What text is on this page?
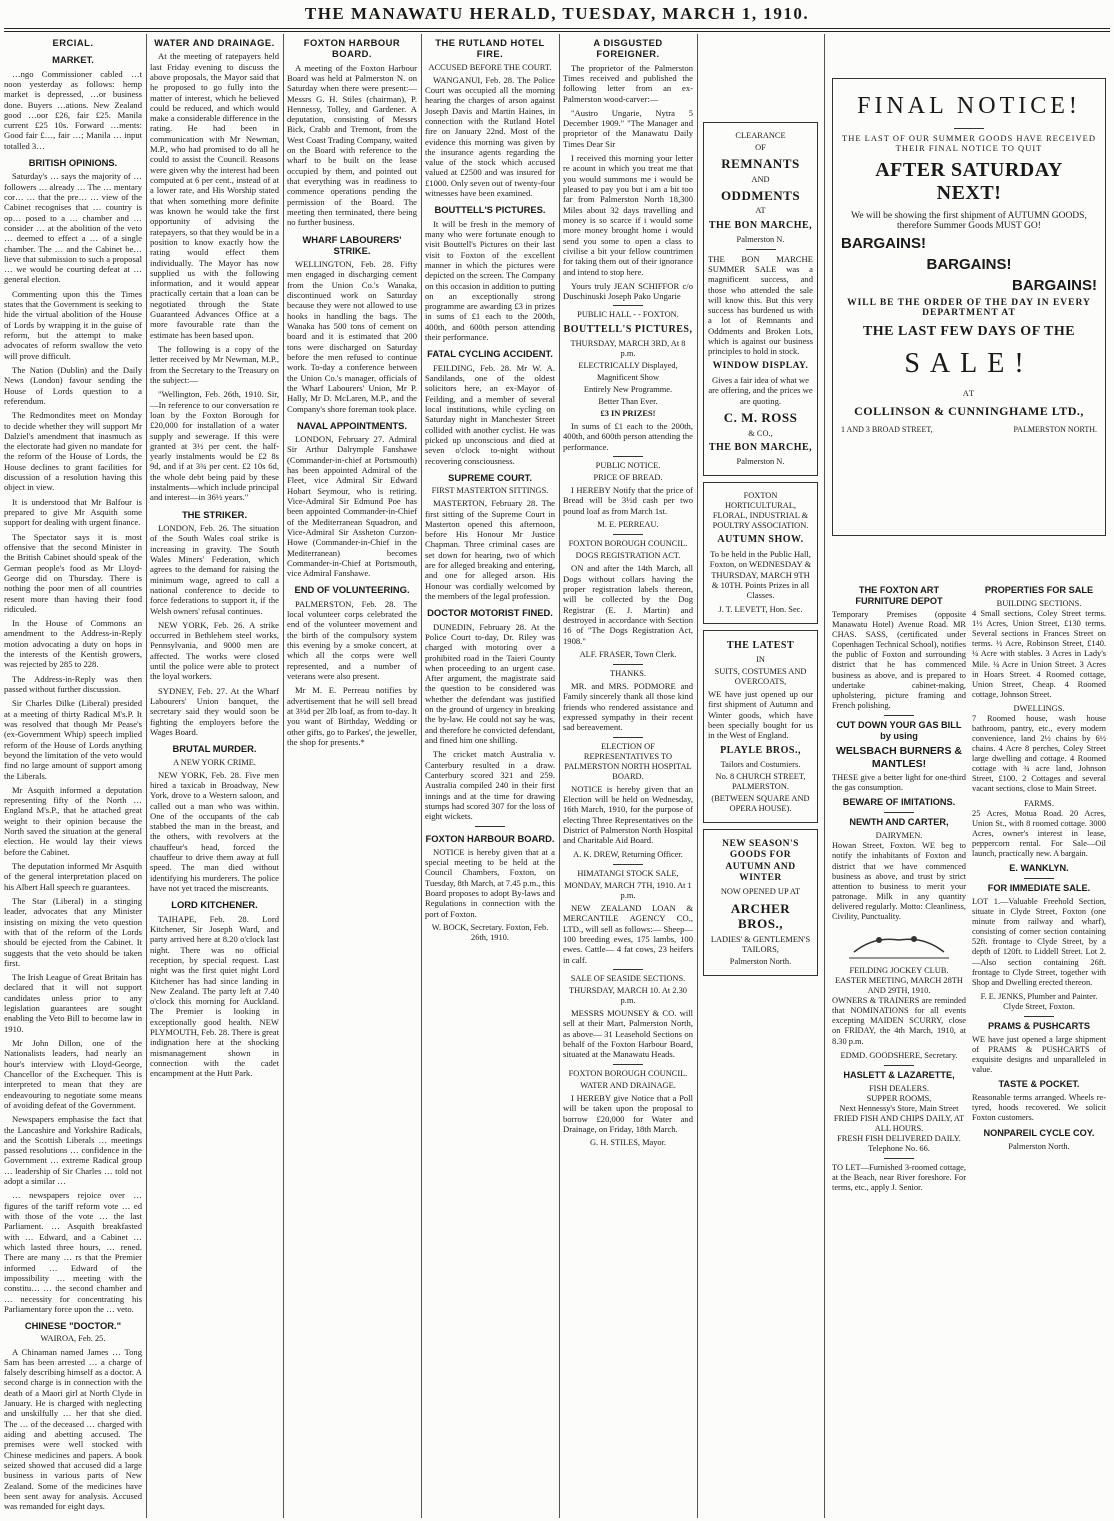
THE MANAWATU HERALD, TUESDAY, MARCH 1, 1910.
ERCIAL.
MARKET.

…ngo Commissioner cabled …t noon yesterday as follows: hemp market is depressed, …or business done. Buyers …ations. New Zealand good …oor £26, fair £25. Manila current £25 10s. Forward …ments: Good fair £…, fair …; Manila … input totalled 3…

BRITISH OPINIONS.

Saturday's … says the majority of … followers … already … The … mentary cor… … that the pre… … view of the Cabinet recognises that … country is op… posed to a … chamber and … consider … at the abolition of the veto … deemed to effect a … of a single chamber. The … and the Cabinet be… lieve that submission to such a proposal … we would be courting defeat at … general election.

Commenting upon this the Times states that the Government is seeking to hide the virtual abolition of the House of Lords by wrapping it in the guise of reform, but the attempt to make advocates of reform swallow the veto will prove difficult.

The Nation (Dublin) and the Daily News (London) favour sending the House of Lords question to a referendum.

The Redmondites meet on Monday to decide whether they will support Mr Dalziel's amendment that inasmuch as the electorate had given no mandate for the reform of the House of Lords, the House declines to grant facilities for discussion of a resolution having this object in view.

It is understood that Mr Balfour is prepared to give Mr Asquith some support for dealing with urgent finance.

The Spectator says it is most offensive that the second Minister in the British Cabinet should speak of the German people's food as Mr Lloyd-George did on Thursday. There is nothing the poor men of all countries resent more than having their food ridiculed.

In the House of Commons an amendment to the Address-in-Reply motion advocating a duty on hops in the interests of the Kentish growers, was rejected by 285 to 228.

The Address-in-Reply was then passed without further discussion.

Sir Charles Dilke (Liberal) presided at a meeting of thirty Radical M's.P. It was resolved that though Mr Pease's (ex-Government Whip) speech implied reform of the House of Lords anything beyond the limitation of the veto would find no large amount of support among the Liberals.

Mr Asquith informed a deputation representing fifty of the North … England M's.P., that he attached great weight to their opinion because the North saved the situation at the general election. He would lay their views before the Cabinet.

The deputation informed Mr Asquith of the general interpretation placed on his Albert Hall speech re guarantees.

The Star (Liberal) in a stinging leader, advocates that any Minister insisting on mixing the veto question with that of the reform of the Lords should be ejected from the Cabinet. It suggests that the veto should be taken first.

The Irish League of Great Britain has declared that it will not support candidates unless prior to any legislation guarantees are sought enabling the Veto Bill to become law in 1910.

Mr John Dillon, one of the Nationalists leaders, had nearly an hour's interview with Lloyd-George, Chancellor of the Exchequer. This is interpreted to mean that they are endeavouring to negotiate some means of avoiding defeat of the Government.

Newspapers emphasise the fact that the Lancashire and Yorkshire Radicals, and the Scottish Liberals … meetings passed resolutions … confidence in the Government … extreme Radical group … leadership of Sir Charles … told not adopt a similar …

… newspapers rejoice over … figures of the tariff reform vote … ed with those of the vote … the last Parliament. … Asquith breakfasted with … Edward, and a Cabinet … which lasted three hours, … rened. There are many … rs that the Premier informed … Edward of the impossibility … meeting with the constitu… … the second chamber and … necessity for concentrating his Parliamentary force upon the … veto.

CHINESE "DOCTOR."
WAIROA, Feb. 25.

A Chinaman named James … Tong Sam has been arrested … a charge of falsely describing himself as a doctor. A second charge is in connection with the death of a Maori girl at North Clyde in January. He is charged with neglecting and unskilfully … her that she died. The … of the deceased … charged with aiding and abetting accused. The premises were well stocked with Chinese medicines and papers. A book seized showed that accused did a large business in various parts of New Zealand. Some of the medicines have been sent away for analysis. Accused was remanded for eight days.

WATER AND DRAINAGE.

At the meeting of ratepayers held last Friday evening to discuss the above proposals, the Mayor said that he proposed to go fully into the matter of interest, which he believed could be reduced, and which would make a considerable difference in the rating. He had been in communication with Mr Newman, M.P., who had promised to do all he could to assist the Council. Reasons were given why the interest had been computed at 6 per cent., instead of at a lower rate, and His Worship stated that when something more definite was known he would take the first opportunity of advising the ratepayers, so that they would be in a position to know exactly how the rating would effect them individually. The Mayor has now supplied us with the following information, and it would appear practically certain that a loan can be negotiated through the State Guaranteed Advances Office at a more favourable rate than the estimate has been based upon.

The following is a copy of the letter received by Mr Newman, M.P., from the Secretary to the Treasury on the subject:—

"Wellington, Feb. 26th, 1910. Sir,—In reference to our conversation re loan by the Foxton Borough for £20,000 for installation of a water supply and sewerage. If this were granted at 3½ per cent. the half-yearly instalments would be £2 8s 9d, and if at 3¾ per cent. £2 10s 6d, the whole debt being paid by these instalments—which include principal and interest—in 36½ years."

THE STRIKER.

LONDON, Feb. 26. The situation of the South Wales coal strike is increasing in gravity. The South Wales Miners' Federation, which agrees to the demand for raising the minimum wage, agreed to call a national conference to decide to force federations to support it, if the Welsh owners' refusal continues.

NEW YORK, Feb. 26. A strike occurred in Bethlehem steel works, Pennsylvania, and 9000 men are affected. The works were closed until the police were able to protect the loyal workers.

SYDNEY, Feb. 27. At the Wharf Labourers' Union banquet, the secretary said they would soon be fighting the employers before the Wages Board.

BRUTAL MURDER.
A NEW YORK CRIME.

NEW YORK, Feb. 28. Five men hired a taxicab in Broadway, New York, drove to a Western saloon, and called out a man who was within. One of the occupants of the cab stabbed the man in the breast, and the others, with revolvers at the chauffeur's head, forced the chauffeur to drive them away at full speed. The man died without identifying his murderers. The police have not yet traced the miscreants.

LORD KITCHENER.

TAIHAPE, Feb. 28. Lord Kitchener, Sir Joseph Ward, and party arrived here at 8.20 o'clock last night. There was no official reception, by special request. Last night was the first quiet night Lord Kitchener has had since landing in New Zealand. The party left at 7.40 o'clock this morning for Auckland. The Premier is looking in exceptionally good health. NEW PLYMOUTH, Feb. 28. There is great indignation here at the shocking mismanagement shown in connection with the cadet encampment at the Hutt Park.

FOXTON HARBOUR BOARD.

A meeting of the Foxton Harbour Board was held at Palmerston N. on Saturday when there were present:—Messrs G. H. Stiles (chairman), P. Hennessy, Tolley, and Gardener. A deputation, consisting of Messrs Bick, Crabb and Tremont, from the West Coast Trading Company, waited on the Board with reference to the wharf to be built on the lease occupied by them, and pointed out that everything was in readiness to commence operations pending the permission of the Board. The meeting then terminated, there being no further business.

WHARF LABOURERS' STRIKE.

WELLINGTON, Feb. 28. Fifty men engaged in discharging cement from the Union Co.'s Wanaka, discontinued work on Saturday because they were not allowed to use hooks in handling the bags. The Wanaka has 500 tons of cement on board and it is estimated that 200 tons were discharged on Saturday before the men refused to continue work. To-day a conference between the Union Co.'s manager, officials of the Wharf Labourers' Union, Mr P. Hally, Mr D. McLaren, M.P., and the Company's shore foreman took place.

NAVAL APPOINTMENTS.

LONDON, February 27. Admiral Sir Arthur Dalrymple Fanshawe (Commander-in-chief at Portsmouth) has been appointed Admiral of the Fleet, vice Admiral Sir Edward Hobart Seymour, who is retiring. Vice-Admiral Sir Edmund Poe has been appointed Commander-in-Chief of the Mediterranean Squadron, and Vice-Admiral Sir Assheton Curzon-Howe (Commander-in-Chief in the Mediterranean) becomes Commander-in-Chief at Portsmouth, vice Admiral Fanshawe.

END OF VOLUNTEERING.

PALMERSTON, Feb. 28. The local volunteer corps celebrated the end of the volunteer movement and the birth of the compulsory system this evening by a smoke concert, at which all the corps were well represented, and a number of veterans were also present.

Mr M. E. Perreau notifies by advertisement that he will sell bread at 3½d per 2lb loaf, as from to-day. It you want of Birthday, Wedding or other gifts, go to Parkes', the jeweller, the shop for presents.*

THE RUTLAND HOTEL FIRE.
ACCUSED BEFORE THE COURT.

WANGANUI, Feb. 28. The Police Court was occupied all the morning hearing the charges of arson against Joseph Davis and Martin Haines, in connection with the Rutland Hotel fire on January 22nd. Most of the evidence this morning was given by the insurance agents regarding the value of the stock which accused valued at £2500 and was insured for £1000. Only seven out of twenty-four witnesses have been examined.

BOUTTELL'S PICTURES.

It will be fresh in the memory of many who were fortunate enough to visit Bouttell's Pictures on their last visit to Foxton of the excellent manner in which the pictures were depicted on the screen. The Company on this occasion in addition to putting on an exceptionally strong programme are awarding £3 in prizes in sums of £1 each to the 200th, 400th, and 600th person attending their performance.

FATAL CYCLING ACCIDENT.

FEILDING, Feb. 28. Mr W. A. Sandilands, one of the oldest solicitors here, an ex-Mayor of Feilding, and a member of several local institutions, while cycling on Saturday night in Manchester Street collided with another cyclist. He was picked up unconscious and died at seven o'clock to-night without recovering consciousness.

SUPREME COURT.
FIRST MASTERTON SITTINGS.

MASTERTON, February 28. The first sitting of the Supreme Court in Masterton opened this afternoon, before His Honour Mr Justice Chapman. Three criminal cases are set down for hearing, two of which are for alleged breaking and entering, and one for alleged arson. His Honour was cordially welcomed by the members of the legal profession.

DOCTOR MOTORIST FINED.

DUNEDIN, February 28. At the Police Court to-day, Dr. Riley was charged with motoring over a prohibited road in the Taieri County when proceeding to an urgent case. After argument, the magistrate said the question to be considered was whether the defendant was justified on the ground of urgency in breaking the by-law. He could not say he was, and therefore he convicted defendant, and fined him one shilling.

The cricket match Australia v. Canterbury resulted in a draw. Canterbury scored 321 and 259. Australia compiled 240 in their first innings and at the time for drawing stumps had scored 307 for the loss of eight wickets.

FOXTON HARBOUR BOARD.

NOTICE is hereby given that at a special meeting to be held at the Council Chambers, Foxton, on Tuesday, 8th March, at 7.45 p.m., this Board proposes to adopt By-laws and Regulations in connection with the port of Foxton.

W. BOCK, Secretary. Foxton, Feb. 26th, 1910.
A DISGUSTED FOREIGNER.

The proprietor of the Palmerston Times received and published the following letter from an ex-Palmerston wood-carver:—

"Austro Ungarie, Nytra 5 December 1909." "The Manager and proprietor of the Manawatu Daily Times Dear Sir

I received this morning your letter re acount in which you treat me that you would summons me i would be pleased to pay you but i am a bit too far from Palmerston North 18,300 Miles about 32 days travelling and money is so scarce if i would some more money brought home i would send you some to open a class to civilise a bit your fellow countrimen for taking them out of their ignorance and intend to stop here.

Yours truly JEAN SCHIFFOR c/o Duschinuski Joseph Pako Ungarie

PUBLIC HALL - - FOXTON.
BOUTTELL'S PICTURES,
THURSDAY, MARCH 3RD, At 8 p.m.
ELECTRICALLY Displayed,
Magnificent Show
Entirely New Programme.
Better Than Ever.
£3 IN PRIZES!

In sums of £1 each to the 200th, 400th, and 600th person attending the performance.

PUBLIC NOTICE.
PRICE OF BREAD.

I HEREBY Notify that the price of Bread will be 3½d cash per two pound loaf as from March 1st.

M. E. PERREAU.
FOXTON BOROUGH COUNCIL.
DOGS REGISTRATION ACT.

ON and after the 14th March, all Dogs without collars having the proper registration labels thereon, will be collected by the Dog Registrar (E. J. Martin) and destroyed in accordance with Section 16 of "The Dogs Registration Act, 1908."

ALF. FRASER, Town Clerk.
THANKS.

MR. and MRS. PODMORE and Family sincerely thank all those kind friends who rendered assistance and expressed sympathy in their recent sad bereavement.

ELECTION OF REPRESENTATIVES TO PALMERSTON NORTH HOSPITAL BOARD.

NOTICE is hereby given that an Election will be held on Wednesday, 16th March, 1910, for the purpose of electing Three Representatives on the District of Palmerston North Hospital and Charitable Aid Board.

A. K. DREW, Returning Officer.
HIMATANGI STOCK SALE,
MONDAY, MARCH 7TH, 1910. At 1 p.m.

NEW ZEALAND LOAN & MERCANTILE AGENCY CO., LTD., will sell as follows:— Sheep— 100 breeding ewes, 175 lambs, 100 ewes. Cattle— 4 fat cows, 23 heifers in calf.

SALE OF SEASIDE SECTIONS.
THURSDAY, MARCH 10. At 2.30 p.m.

MESSRS MOUNSEY & CO. will sell at their Mart, Palmerston North, as above— 31 Leasehold Sections on behalf of the Foxton Harbour Board, situated at the Manawatu Heads.

FOXTON BOROUGH COUNCIL.
WATER AND DRAINAGE.

I HEREBY give Notice that a Poll will be taken upon the proposal to borrow £20,000 for Water and Drainage, on Friday, 18th March.

G. H. STILES, Mayor.
CLEARANCE
OF
REMNANTS
AND
ODDMENTS
AT
THE BON MARCHE,
Palmerston N.

THE BON MARCHE SUMMER SALE was a magnificent success, and those who attended the sale will know this. But this very success has burdened us with a lot of Remnants and Oddments and Broken Lots, which is against our business principles to hold in stock.

WINDOW DISPLAY.

Gives a fair idea of what we are offering, and the prices we are quoting.

C. M. ROSS
& CO.,
THE BON MARCHE,
Palmerston N.
FOXTON HORTICULTURAL, FLORAL, INDUSTRIAL & POULTRY ASSOCIATION.
AUTUMN SHOW.

To be held in the Public Hall, Foxton, on WEDNESDAY & THURSDAY, MARCH 9TH & 10TH. Points Prizes in all Classes.

J. T. LEVETT, Hon. Sec.
THE LATEST
IN
SUITS, COSTUMES AND OVERCOATS,

WE have just opened up our first shipment of Autumn and Winter goods, which have been specially bought for us in the West of England.

PLAYLE BROS.,
Tailors and Costumiers.
No. 8 CHURCH STREET, PALMERSTON.
(BETWEEN SQUARE AND OPERA HOUSE).
NEW SEASON'S GOODS FOR AUTUMN AND WINTER
NOW OPENED UP AT
ARCHER BROS.,
LADIES' & GENTLEMEN'S TAILORS,
Palmerston North.
FINAL NOTICE!
THE LAST OF OUR SUMMER GOODS HAVE RECEIVED THEIR FINAL NOTICE TO QUIT
AFTER SATURDAY NEXT!
We will be showing the first shipment of AUTUMN GOODS, therefore Summer Goods MUST GO!
BARGAINS!
BARGAINS!
BARGAINS!
WILL BE THE ORDER OF THE DAY IN EVERY DEPARTMENT AT
THE LAST FEW DAYS OF THE
SALE!
AT
COLLINSON & CUNNINGHAME LTD.,
1 AND 3 BROAD STREET,	PALMERSTON NORTH.
THE FOXTON ART FURNITURE DEPOT

Temporary Premises (opposite Manawatu Hotel) Avenue Road. MR CHAS. SASS, (certificated under Copenhagen Technical School), notifies the public of Foxton and surrounding district that he has commenced business as above, and is prepared to undertake cabinet-making, upholstering, picture framing and French polishing.

CUT DOWN YOUR GAS BILL by using
WELSBACH BURNERS & MANTLES!

THESE give a better light for one-third the gas consumption.

BEWARE OF IMITATIONS.
NEWTH AND CARTER,
DAIRYMEN.

Howan Street, Foxton. WE beg to notify the inhabitants of Foxton and district that we have commenced business as above, and trust by strict attention to business to merit your patronage. Milk in any quantity delivered regularly. Motto: Cleanliness, Civility, Punctuality.

FEILDING JOCKEY CLUB.
EASTER MEETING, MARCH 28TH AND 29TH, 1910.

OWNERS & TRAINERS are reminded that NOMINATIONS for all events excepting MAIDEN SCURRY, close on FRIDAY, the 4th March, 1910, at 8.30 p.m.

EDMD. GOODSHERE, Secretary.
HASLETT & LAZARETTE,
FISH DEALERS.
SUPPER ROOMS,
Next Hennessy's Store, Main Street
FRIED FISH AND CHIPS DAILY, AT ALL HOURS.
FRESH FISH DELIVERED DAILY.
Telephone No. 66.

TO LET—Furnished 3-roomed cottage, at the Beach, near River foreshore. For terms, etc., apply J. Senior.

PROPERTIES FOR SALE
BUILDING SECTIONS.

4 Small sections, Coley Street terms. 1½ Acres, Union Street, £130 terms. Several sections in Frances Street on terms. ½ Acre, Robinson Street, £140. ¼ Acre with stables. 3 Acres in Lady's Mile. ¼ Acre in Union Street. 3 Acres in Hoars Street. 4 Roomed cottage, Union Street, Cheap. 4 Roomed cottage, Johnson Street.

DWELLINGS.

7 Roomed house, wash house bathroom, pantry, etc., every modern convenience, land 2½ chains by 6½ chains. 4 Acre 8 perches, Coley Street large dwelling and cottage. 4 Roomed cottage with ¾ acre land, Johnson Street, £100. 2 Cottages and several vacant sections, close to Main Street.

FARMS.

25 Acres, Motua Road. 20 Acres, Union St., with 8 roomed cottage. 3000 Acres, owner's interest in lease, peppercorn rental. For Sale—Oil launch, practically new. A bargain.

E. WANKLYN.
FOR IMMEDIATE SALE.

LOT 1.—Valuable Freehold Section, situate in Clyde Street, Foxton (one minute from railway and wharf), consisting of corner section containing 52ft. frontage to Clyde Street, by a depth of 120ft. to Liddell Street. Lot 2.—Also section containing 26ft. frontage to Clyde Street, together with Shop and Dwelling erected thereon.

F. E. JENKS, Plumber and Painter. Clyde Street, Foxton.
PRAMS & PUSHCARTS

WE have just opened a large shipment of PRAMS & PUSHCARTS of exquisite designs and unparalleled in value.

TASTE & POCKET.

Reasonable terms arranged. Wheels re-tyred, hoods recovered. We solicit Foxton customers.

NONPAREIL CYCLE COY.
Palmerston North.
